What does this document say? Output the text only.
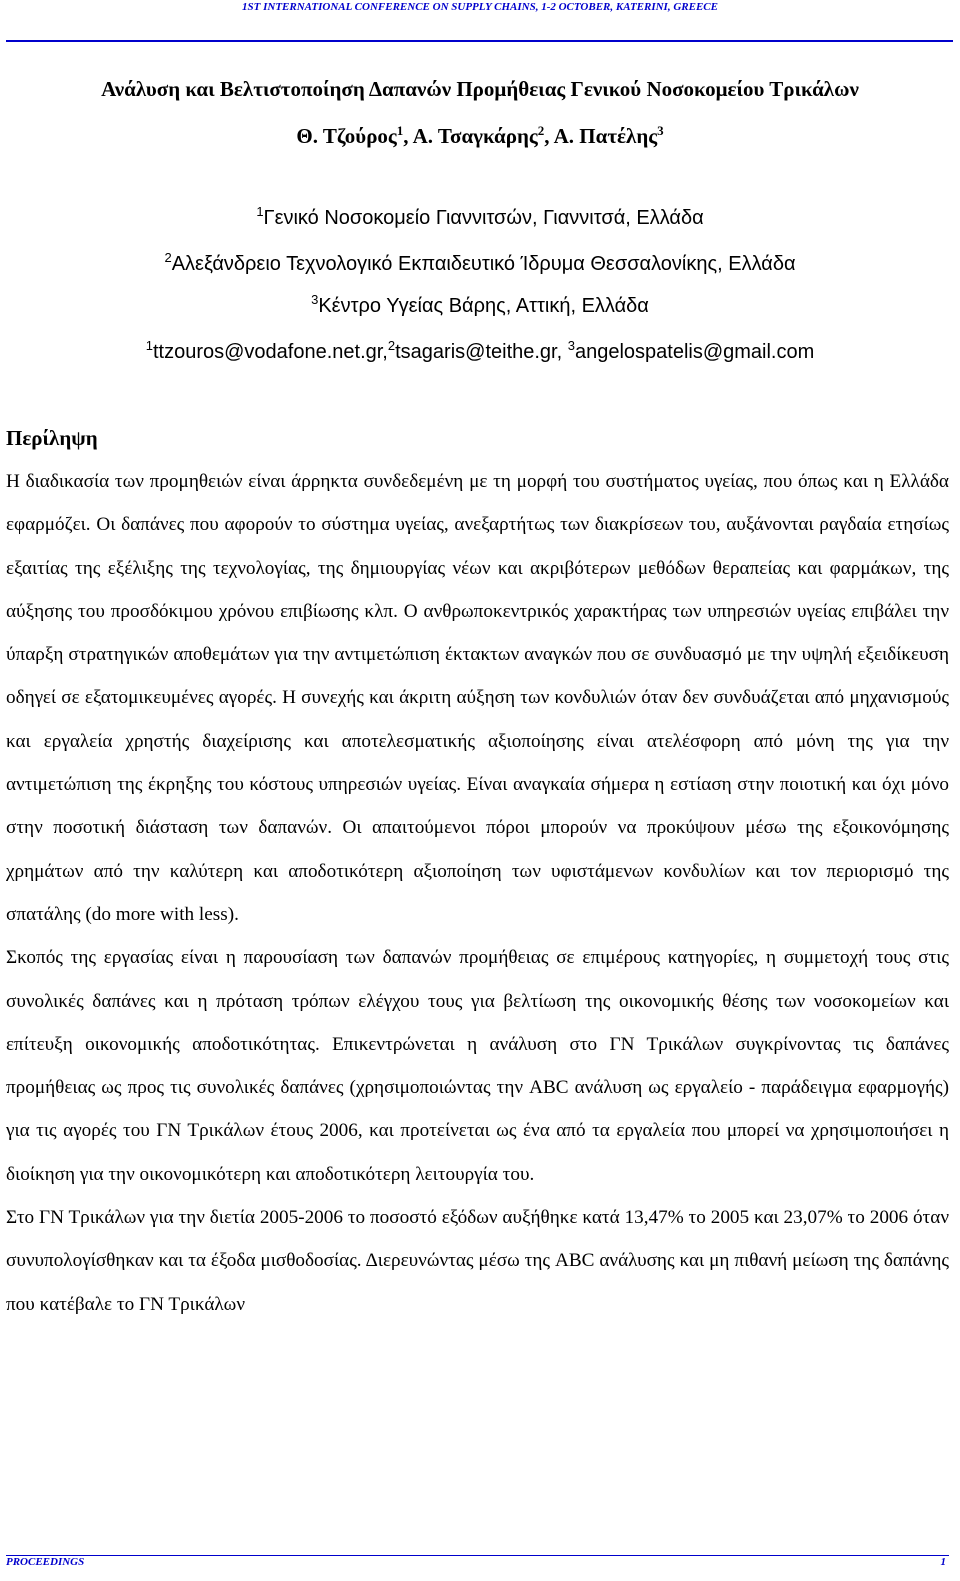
1ST INTERNATIONAL CONFERENCE ON SUPPLY CHAINS, 1-2 OCTOBER, KATERINI, GREECE
Ανάλυση και Βελτιστοποίηση Δαπανών Προμήθειας Γενικού Νοσοκομείου Τρικάλων
Θ. Τζούρος$^1$, Α. Τσαγκάρης$^2$, Α. Πατέλης$^3$
$^1$Γενικό Νοσοκομείο Γιαννιτσών, Γιαννιτσά, Ελλάδα
$^2$Αλεξάνδρειο Τεχνολογικό Εκπαιδευτικό Ίδρυμα Θεσσαλονίκης, Ελλάδα
$^3$Κέντρο Υγείας Βάρης, Αττική, Ελλάδα
$^1$ttzouros@vodafone.net.gr,$^2$tsagaris@teithe.gr, $^3$angelospatelis@gmail.com
Περίληψη

Η διαδικασία των προμηθειών είναι άρρηκτα συνδεδεμένη με τη μορφή του συστήματος υγείας, που όπως και η Ελλάδα εφαρμόζει. Οι δαπάνες που αφορούν το σύστημα υγείας, ανεξαρτήτως των διακρίσεων του, αυξάνονται ραγδαία ετησίως εξαιτίας της εξέλιξης της τεχνολογίας, της δημιουργίας νέων και ακριβότερων μεθόδων θεραπείας και φαρμάκων, της αύξησης του προσδόκιμου χρόνου επιβίωσης κλπ. Ο ανθρωποκεντρικός χαρακτήρας των υπηρεσιών υγείας επιβάλει την ύπαρξη στρατηγικών αποθεμάτων για την αντιμετώπιση έκτακτων αναγκών που σε συνδυασμό με την υψηλή εξειδίκευση οδηγεί σε εξατομικευμένες αγορές. Η συνεχής και άκριτη αύξηση των κονδυλιών όταν δεν συνδυάζεται από μηχανισμούς και εργαλεία χρηστής διαχείρισης και αποτελεσματικής αξιοποίησης είναι ατελέσφορη από μόνη της για την αντιμετώπιση της έκρηξης του κόστους υπηρεσιών υγείας. Είναι αναγκαία σήμερα η εστίαση στην ποιοτική και όχι μόνο στην ποσοτική διάσταση των δαπανών. Οι απαιτούμενοι πόροι μπορούν να προκύψουν μέσω της εξοικονόμησης χρημάτων από την καλύτερη και αποδοτικότερη αξιοποίηση των υφιστάμενων κονδυλίων και τον περιορισμό της σπατάλης (do more with less).

Σκοπός της εργασίας είναι η παρουσίαση των δαπανών προμήθειας σε επιμέρους κατηγορίες, η συμμετοχή τους στις συνολικές δαπάνες και η πρόταση τρόπων ελέγχου τους για βελτίωση της οικονομικής θέσης των νοσοκομείων και επίτευξη οικονομικής αποδοτικότητας. Επικεντρώνεται η ανάλυση στο ΓΝ Τρικάλων συγκρίνοντας τις δαπάνες προμήθειας ως προς τις συνολικές δαπάνες (χρησιμοποιώντας την ABC ανάλυση ως εργαλείο - παράδειγμα εφαρμογής) για τις αγορές του ΓΝ Τρικάλων έτους 2006, και προτείνεται ως ένα από τα εργαλεία που μπορεί να χρησιμοποιήσει η διοίκηση για την οικονομικότερη και αποδοτικότερη λειτουργία του.

Στο ΓΝ Τρικάλων για την διετία 2005-2006 το ποσοστό εξόδων αυξήθηκε κατά 13,47% το 2005 και 23,07% το 2006 όταν συνυπολογίσθηκαν και τα έξοδα μισθοδοσίας. Διερευνώντας μέσω της ABC ανάλυσης και μη πιθανή μείωση της δαπάνης που κατέβαλε το ΓΝ Τρικάλων

PROCEEDINGS	1
